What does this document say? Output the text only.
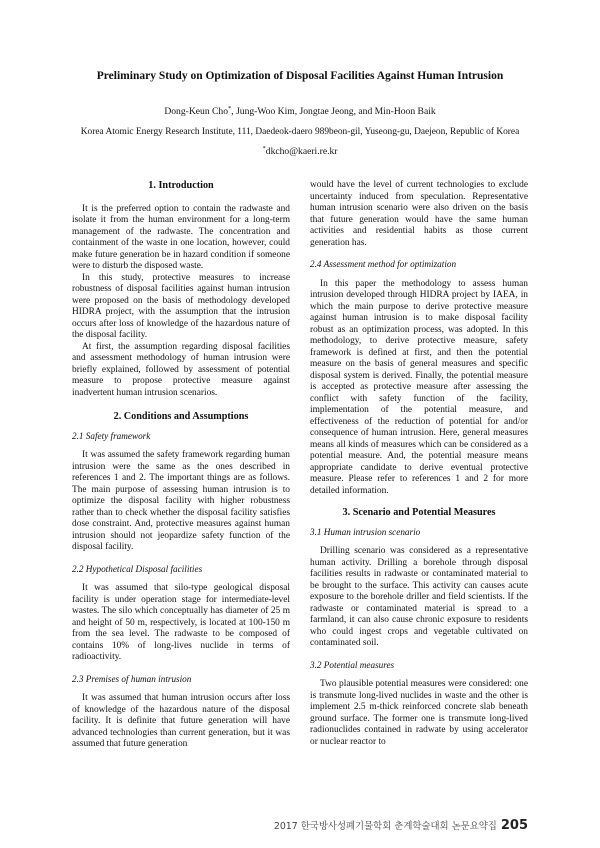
Preliminary Study on Optimization of Disposal Facilities Against Human Intrusion
Dong-Keun Cho*, Jung-Woo Kim, Jongtae Jeong, and Min-Hoon Baik
Korea Atomic Energy Research Institute, 111, Daedeok-daero 989beon-gil, Yuseong-gu, Daejeon, Republic of Korea
*dkcho@kaeri.re.kr
1. Introduction

It is the preferred option to contain the radwaste and isolate it from the human environment for a long-term management of the radwaste. The concentration and containment of the waste in one location, however, could make future generation be in hazard condition if someone were to disturb the disposed waste.

In this study, protective measures to increase robustness of disposal facilities against human intrusion were proposed on the basis of methodology developed HIDRA project, with the assumption that the intrusion occurs after loss of knowledge of the hazardous nature of the disposal facility.

At first, the assumption regarding disposal facilities and assessment methodology of human intrusion were briefly explained, followed by assessment of potential measure to propose protective measure against inadvertent human intrusion scenarios.

2. Conditions and Assumptions
2.1 Safety framework

It was assumed the safety framework regarding human intrusion were the same as the ones described in references 1 and 2. The important things are as follows. The main purpose of assessing human intrusion is to optimize the disposal facility with higher robustness rather than to check whether the disposal facility satisfies dose constraint. And, protective measures against human intrusion should not jeopardize safety function of the disposal facility.

2.2 Hypothetical Disposal facilities

It was assumed that silo-type geological disposal facility is under operation stage for intermediate-level wastes. The silo which conceptually has diameter of 25 m and height of 50 m, respectively, is located at 100-150 m from the sea level. The radwaste to be composed of contains 10% of long-lives nuclide in terms of radioactivity.

2.3 Premises of human intrusion

It was assumed that human intrusion occurs after loss of knowledge of the hazardous nature of the disposal facility. It is definite that future generation will have advanced technologies than current generation, but it was assumed that future generation

would have the level of current technologies to exclude uncertainty induced from speculation. Representative human intrusion scenario were also driven on the basis that future generation would have the same human activities and residential habits as those current generation has.

2.4 Assessment method for optimization

In this paper the methodology to assess human intrusion developed through HIDRA project by IAEA, in which the main purpose to derive protective measure against human intrusion is to make disposal facility robust as an optimization process, was adopted. In this methodology, to derive protective measure, safety framework is defined at first, and then the potential measure on the basis of general measures and specific disposal system is derived. Finally, the potential measure is accepted as protective measure after assessing the conflict with safety function of the facility, implementation of the potential measure, and effectiveness of the reduction of potential for and/or consequence of human intrusion. Here, general measures means all kinds of measures which can be considered as a potential measure. And, the potential measure means appropriate candidate to derive eventual protective measure. Please refer to references 1 and 2 for more detailed information.

3. Scenario and Potential Measures
3.1 Human intrusion scenario

Drilling scenario was considered as a representative human activity. Drilling a borehole through disposal facilities results in radwaste or contaminated material to be brought to the surface. This activity can causes acute exposure to the borehole driller and field scientists. If the radwaste or contaminated material is spread to a farmland, it can also cause chronic exposure to residents who could ingest crops and vegetable cultivated on contaminated soil.

3.2 Potential measures

Two plausible potential measures were considered: one is transmute long-lived nuclides in waste and the other is implement 2.5 m-thick reinforced concrete slab beneath ground surface. The former one is transmute long-lived radionuclides contained in radwate by using accelerator or nuclear reactor to

2017 한국방사성폐기물학회 춘계학술대회 논문요약집 205
